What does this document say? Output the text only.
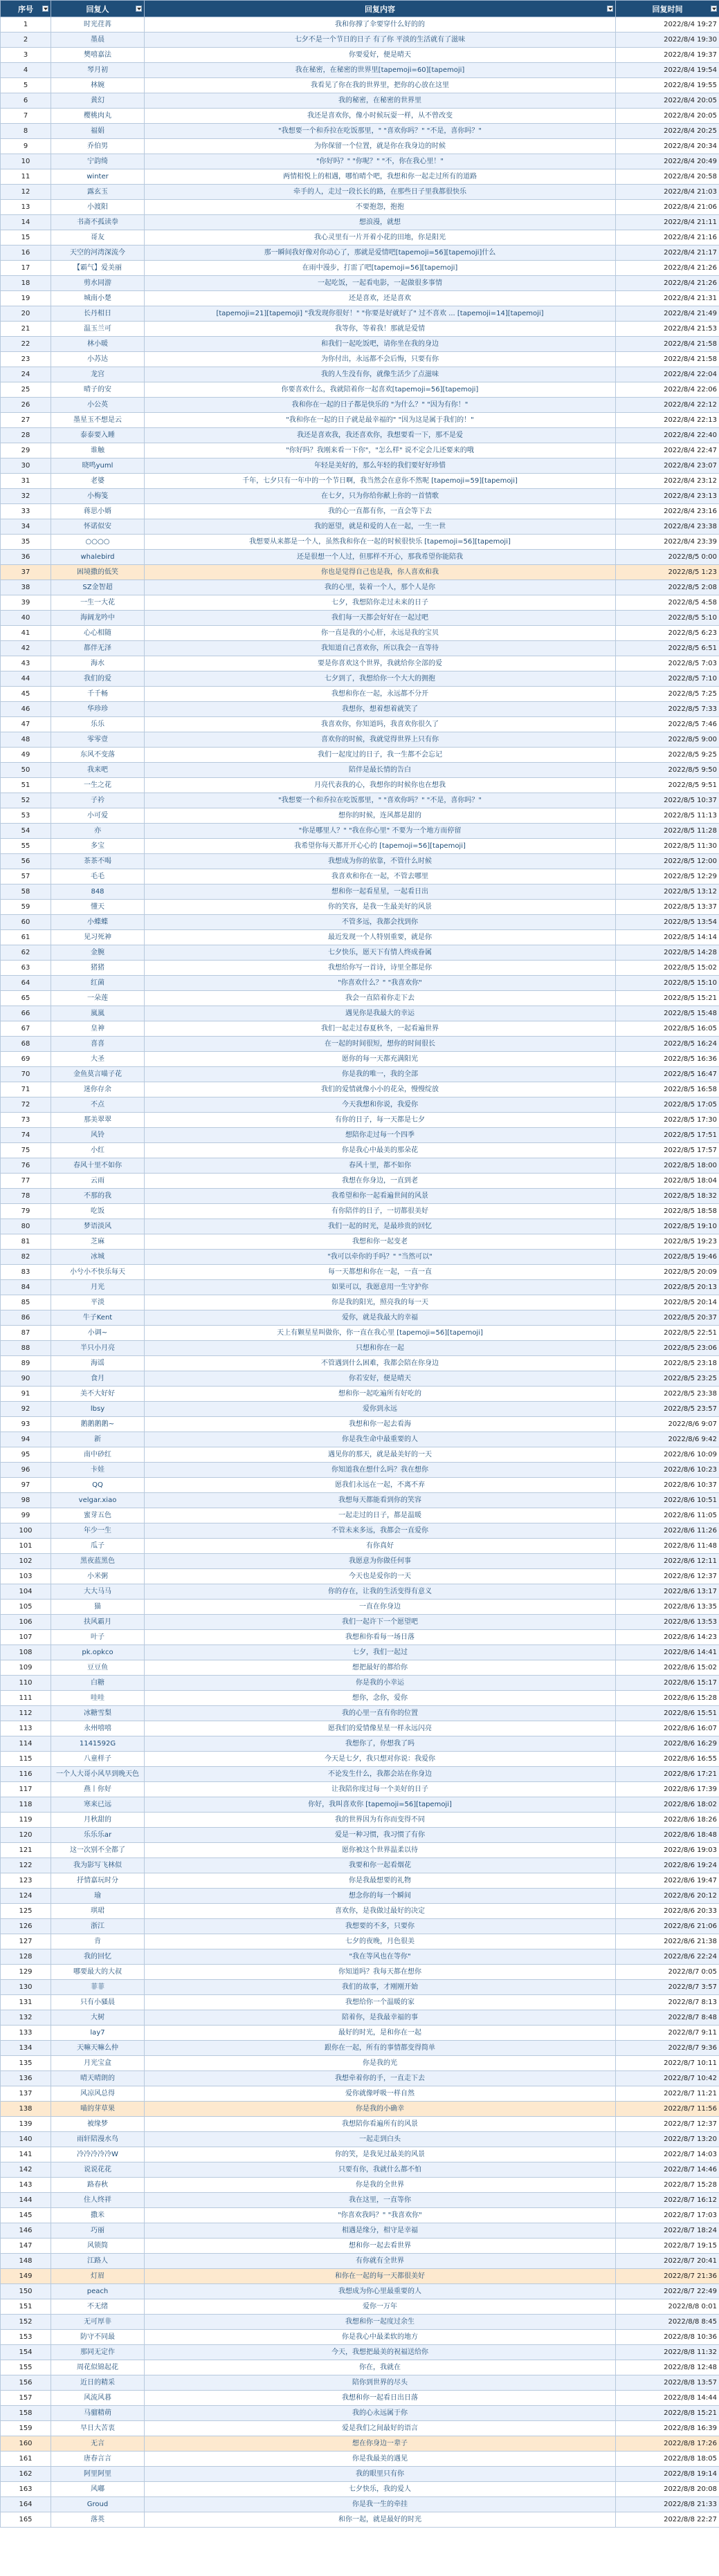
序号	回复人	回复内容	回复时间

1	时光荏苒	我和你撑了伞要穿什么好的的	2022/8/4 19:27
2	墨晨	七夕不是一个节日的日子 有了你 平淡的生活就有了滋味	2022/8/4 19:30
3	樊嘻嘉法	你要爱好，便是晴天	2022/8/4 19:37
4	琴月初	我在秘密，在秘密的世界里[tapemoji=60][tapemoji]	2022/8/4 19:54
5	林婉	我看见了你在我的世界里，把你的心放在这里	2022/8/4 19:55
6	黄幻	我的秘密，在秘密的世界里	2022/8/4 20:05
7	樱桃肉丸	我还是喜欢你，像小时候玩耍一样，从不曾改变	2022/8/4 20:05
8	福娟	"我想要一个和乔拉在吃饭那里，" "喜欢你吗？" "不是，喜你吗？"	2022/8/4 20:25
9	乔伯男	为你保留一个位置，就是你在我身边的时候	2022/8/4 20:34
10	宁韵绮	"你好吗？" "你呢？" "不，你在我心里！"	2022/8/4 20:49
11	winter	两情相悦上的相遇，哪怕晴个吧，我想和你一起走过所有的道路	2022/8/4 20:58
12	露玄玉	牵手的人，走过一段长长的路，在那些日子里我都很快乐	2022/8/4 21:03
13	小渡阳	不要抱怨，抱抱	2022/8/4 21:06
14	书斋不孤读拳	想浪漫，就想	2022/8/4 21:11
15	哥友	我心灵里有一片开着小花的田地，你是阳光	2022/8/4 21:16
16	天空的河湾深流今	那一瞬间我好像对你动心了，那就是爱情吧[tapemoji=56][tapemoji]什么	2022/8/4 21:17
17	【霸气】爱美丽	在雨中漫步，打雷了吧[tapemoji=56][tapemoji]	2022/8/4 21:26
18	剪水同游	一起吃饭，一起看电影，一起做很多事情	2022/8/4 21:26
19	城南小楚	还是喜欢，还是喜欢	2022/8/4 21:31
20	长丹相日	[tapemoji=21][tapemoji] "我发现你很好！" "你要是好就好了" 过不喜欢 ... [tapemoji=14][tapemoji]	2022/8/4 21:49
21	温玉兰可	我等你，等着我！那就是爱情	2022/8/4 21:53
22	林小暖	和我们一起吃饭吧，请你坐在我的身边	2022/8/4 21:58
23	小苏达	为你付出，永远都不会后悔，只要有你	2022/8/4 21:58
24	龙宫	我的人生没有你，就像生活少了点滋味	2022/8/4 22:04
25	晴子的安	你要喜欢什么，我就陪着你一起喜欢[tapemoji=56][tapemoji]	2022/8/4 22:06
26	小公英	我和你在一起的日子都是快乐的 "为什么？" "因为有你！"	2022/8/4 22:12
27	墨星玉不想是云	"我和你在一起的日子就是最幸福的" "因为这是属于我们的！"	2022/8/4 22:13
28	泰泰要入睡	我还是喜欢我，我还喜欢你，我想要看一下，那不是爱	2022/8/4 22:40
29	谁触	"你好吗？我刚来看一下你"，"怎么样" 说不定会儿还要来的哦	2022/8/4 22:47
30	晓鸣yuml	年轻是美好的，那么年轻的我们要好好珍惜	2022/8/4 23:07
31	老婆	千年，七夕只有一年中的一个节日啊，我当然会在意你不然呢 [tapemoji=59][tapemoji]	2022/8/4 23:12
32	小梅笺	在七夕，只为你给你献上你的一首情歌	2022/8/4 23:13
33	蒋思小婿	我的心一直都有你，一直会等下去	2022/8/4 23:16
34	怀诺似安	我的愿望，就是和爱的人在一起，一生一世	2022/8/4 23:38
35	○○○○	我想要从来都是一个人，虽然我和你在一起的时候很快乐 [tapemoji=56][tapemoji]	2022/8/4 23:39
36	whalebird	还是很想一个人过，但那样不开心，那我希望你能陪我	2022/8/5 0:00
37	困境撒的低笑	你也是觉得自己也是我，你人喜欢和我	2022/8/5 1:23
38	SZ金智超	我的心里，装着一个人，那个人是你	2022/8/5 2:08
39	一生一大花	七夕，我想陪你走过未来的日子	2022/8/5 4:58
40	海阔龙吟中	我们每一天都会好好在一起过吧	2022/8/5 5:10
41	心心相随	你一直是我的小心肝，永远是我的宝贝	2022/8/5 6:23
42	都伴无泽	我知道自己喜欢你，所以我会一直等待	2022/8/5 6:51
43	海水	要是你喜欢这个世界，我就给你全部的爱	2022/8/5 7:03
44	我们的爱	七夕到了，我想给你一个大大的拥抱	2022/8/5 7:10
45	千千畅	我想和你在一起，永远都不分开	2022/8/5 7:25
46	华珍珍	我想你，想着想着就笑了	2022/8/5 7:33
47	乐乐	我喜欢你，你知道吗，我喜欢你很久了	2022/8/5 7:46
48	零零壹	喜欢你的时候，我就觉得世界上只有你	2022/8/5 9:00
49	东风不变落	我们一起度过的日子，我一生都不会忘记	2022/8/5 9:25
50	我来吧	陪伴是最长情的告白	2022/8/5 9:50
51	一生之花	月亮代表我的心，我想你的时候你也在想我	2022/8/5 9:51
52	子衿	"我想要一个和乔拉在吃饭那里，" "喜欢你吗？" "不是，喜你吗？"	2022/8/5 10:37
53	小可爱	想你的时候，连风都是甜的	2022/8/5 11:13
54	亦	"你是哪里人？" "我在你心里" 不要为一个地方而停留	2022/8/5 11:28
55	多宝	我希望你每天都开开心心的 [tapemoji=56][tapemoji]	2022/8/5 11:30
56	茶茶不喝	我想成为你的依靠，不管什么时候	2022/8/5 12:00
57	毛毛	我喜欢和你在一起，不管去哪里	2022/8/5 12:29
58	848	想和你一起看星星，一起看日出	2022/8/5 13:12
59	懂天	你的笑容，是我一生最美好的风景	2022/8/5 13:37
60	小蝶蝶	不管多远，我都会找到你	2022/8/5 13:54
61	见习死神	最近发现一个人特别重要，就是你	2022/8/5 14:14
62	金腕	七夕快乐，愿天下有情人终成眷属	2022/8/5 14:28
63	猪猪	我想给你写一首诗，诗里全都是你	2022/8/5 15:02
64	红菌	"你喜欢什么？" "我喜欢你"	2022/8/5 15:10
65	一朵莲	我会一直陪着你走下去	2022/8/5 15:21
66	嵐嵐	遇见你是我最大的幸运	2022/8/5 15:48
67	皇神	我们一起走过春夏秋冬，一起看遍世界	2022/8/5 16:05
68	喜喜	在一起的时间很短，想你的时间很长	2022/8/5 16:24
69	大圣	愿你的每一天都充满阳光	2022/8/5 16:36
70	金鱼莫言喵子花	你是我的唯一，我的全部	2022/8/5 16:47
71	迷你存余	我们的爱情就像小小的花朵，慢慢绽放	2022/8/5 16:58
72	不点	今天我想和你说，我爱你	2022/8/5 17:05
73	那美翠翠	有你的日子，每一天都是七夕	2022/8/5 17:30
74	风铃	想陪你走过每一个四季	2022/8/5 17:51
75	小红	你是我心中最美的那朵花	2022/8/5 17:57
76	春风十里不如你	春风十里，都不如你	2022/8/5 18:00
77	云雨	我想在你身边，一直到老	2022/8/5 18:04
78	不那的我	我希望和你一起看遍世间的风景	2022/8/5 18:32
79	吃饭	有你陪伴的日子，一切都很美好	2022/8/5 18:58
80	梦语淡风	我们一起的时光，是最珍贵的回忆	2022/8/5 19:10
81	芝麻	我想和你一起变老	2022/8/5 19:23
82	冰城	"我可以牵你的手吗？" "当然可以"	2022/8/5 19:46
83	小兮小不快乐每天	每一天都想和你在一起，一直一直	2022/8/5 20:09
84	月光	如果可以，我愿意用一生守护你	2022/8/5 20:13
85	平淡	你是我的阳光，照亮我的每一天	2022/8/5 20:14
86	牛子Kent	爱你，就是我最大的幸福	2022/8/5 20:37
87	小调~	天上有颗星星叫做你，你一直在我心里 [tapemoji=56][tapemoji]	2022/8/5 22:51
88	半只小月亮	只想和你在一起	2022/8/5 23:06
89	海谣	不管遇到什么困难，我都会陪在你身边	2022/8/5 23:18
90	食月	你若安好，便是晴天	2022/8/5 23:25
91	美不大好好	想和你一起吃遍所有好吃的	2022/8/5 23:38
92	lbsy	爱你到永远	2022/8/5 23:57
93	鹅鹅鹅鹅~	我想和你一起去看海	2022/8/6 9:07
94	新	你是我生命中最重要的人	2022/8/6 9:42
95	南中砂红	遇见你的那天，就是最美好的一天	2022/8/6 10:09
96	卡娃	你知道我在想什么吗？我在想你	2022/8/6 10:23
97	QQ	愿我们永远在一起，不离不弃	2022/8/6 10:37
98	velgar.xiao	我想每天都能看到你的笑容	2022/8/6 10:51
99	蜜芽五色	一起走过的日子，都是温暖	2022/8/6 11:05
100	年少一生	不管未来多远，我都会一直爱你	2022/8/6 11:26
101	瓜子	有你真好	2022/8/6 11:48
102	黑夜蓝黑色	我愿意为你做任何事	2022/8/6 12:11
103	小米粥	今天也是爱你的一天	2022/8/6 12:37
104	大大马马	你的存在，让我的生活变得有意义	2022/8/6 13:17
105	猫	一直在你身边	2022/8/6 13:35
106	扶风霸月	我们一起许下一个愿望吧	2022/8/6 13:53
107	叶子	我想和你看每一场日落	2022/8/6 14:23
108	pk.opkco	七夕，我们一起过	2022/8/6 14:41
109	豆豆鱼	想把最好的都给你	2022/8/6 15:02
110	白糖	你是我的小幸运	2022/8/6 15:17
111	哇哇	想你，念你，爱你	2022/8/6 15:28
112	冰糖雪梨	我的心里一直有你的位置	2022/8/6 15:51
113	永州嘻嘻	愿我们的爱情像星星一样永远闪亮	2022/8/6 16:07
114	1141592G	我想你了，你想我了吗	2022/8/6 16:29
115	八童样子	今天是七夕，我只想对你说：我爱你	2022/8/6 16:55
116	一个人大哥小风早到晚天色	不论发生什么，我都会站在你身边	2022/8/6 17:21
117	燕丨你好	让我陪你度过每一个美好的日子	2022/8/6 17:39
118	寒来已远	你好，我叫喜欢你 [tapemoji=56][tapemoji]	2022/8/6 18:02
119	月秋甜的	我的世界因为有你而变得不同	2022/8/6 18:26
120	乐乐乐ar	爱是一种习惯，我习惯了有你	2022/8/6 18:48
121	这一次别不全都了	愿你被这个世界温柔以待	2022/8/6 19:03
122	我为影写飞林似	我要和你一起看烟花	2022/8/6 19:24
123	抒情嘉玩时分	你是我最想要的礼物	2022/8/6 19:47
124	瑜	想念你的每一个瞬间	2022/8/6 20:12
125	琪珺	喜欢你，是我做过最好的决定	2022/8/6 20:33
126	浙江	我想要的不多，只要你	2022/8/6 21:06
127	肯	七夕的夜晚，月色很美	2022/8/6 21:38
128	我的回忆	"我在等风也在等你"	2022/8/6 22:24
129	哪要最大的大叔	你知道吗？我每天都在想你	2022/8/7 0:05
130	菲菲	我们的故事，才刚刚开始	2022/8/7 3:57
131	只有小骚晨	我想给你一个温暖的家	2022/8/7 8:13
132	大树	陪着你，是我最幸福的事	2022/8/7 8:48
133	lay7	最好的时光，是和你在一起	2022/8/7 9:11
134	天嘛天嘛么仲	跟你在一起，所有的事情都变得简单	2022/8/7 9:36
135	月光宝盒	你是我的光	2022/8/7 10:11
136	晴天晴朗的	我想牵着你的手，一直走下去	2022/8/7 10:42
137	风凉风总得	爱你就像呼吸一样自然	2022/8/7 11:21
138	喵的芽草果	你是我的小确幸	2022/8/7 11:56
139	被缘梦	我想陪你看遍所有的风景	2022/8/7 12:37
140	雨轩陪漫水鸟	一起走到白头	2022/8/7 13:20
141	冷冷冷冷冷W	你的笑，是我见过最美的风景	2022/8/7 14:03
142	说说花花	只要有你，我就什么都不怕	2022/8/7 14:46
143	路春秋	你是我的全世界	2022/8/7 15:28
144	住人终祥	我在这里，一直等你	2022/8/7 16:12
145	撒米	"你喜欢我吗？" "我喜欢你"	2022/8/7 17:03
146	巧丽	相遇是缘分，相守是幸福	2022/8/7 18:24
147	风锁简	想和你一起去看世界	2022/8/7 19:15
148	江路人	有你就有全世界	2022/8/7 20:41
149	灯眉	和你在一起的每一天都很美好	2022/8/7 21:36
150	peach	我想成为你心里最重要的人	2022/8/7 22:49
151	不无绪	爱你一万年	2022/8/8 0:01
152	无可厚非	我想和你一起度过余生	2022/8/8 8:45
153	防守不同最	你是我心中最柔软的地方	2022/8/8 10:36
154	那同无定作	今天，我想把最美的祝福送给你	2022/8/8 11:32
155	周花似锦起花	你在，我就在	2022/8/8 12:48
156	近日的精采	陪你到世界的尽头	2022/8/8 13:57
157	风流风暮	我想和你一起看日出日落	2022/8/8 14:44
158	马骝精萌	我的心永远属于你	2022/8/8 15:21
159	早日大苦衷	爱是我们之间最好的语言	2022/8/8 16:39
160	无言	想在你身边一辈子	2022/8/8 17:26
161	唐春言言	你是我最美的遇见	2022/8/8 18:05
162	阿里阿里	我的眼里只有你	2022/8/8 19:14
163	风嘟	七夕快乐，我的爱人	2022/8/8 20:08
164	Groud	你是我一生的牵挂	2022/8/8 21:33
165	落英	和你一起，就是最好的时光	2022/8/8 22:27
